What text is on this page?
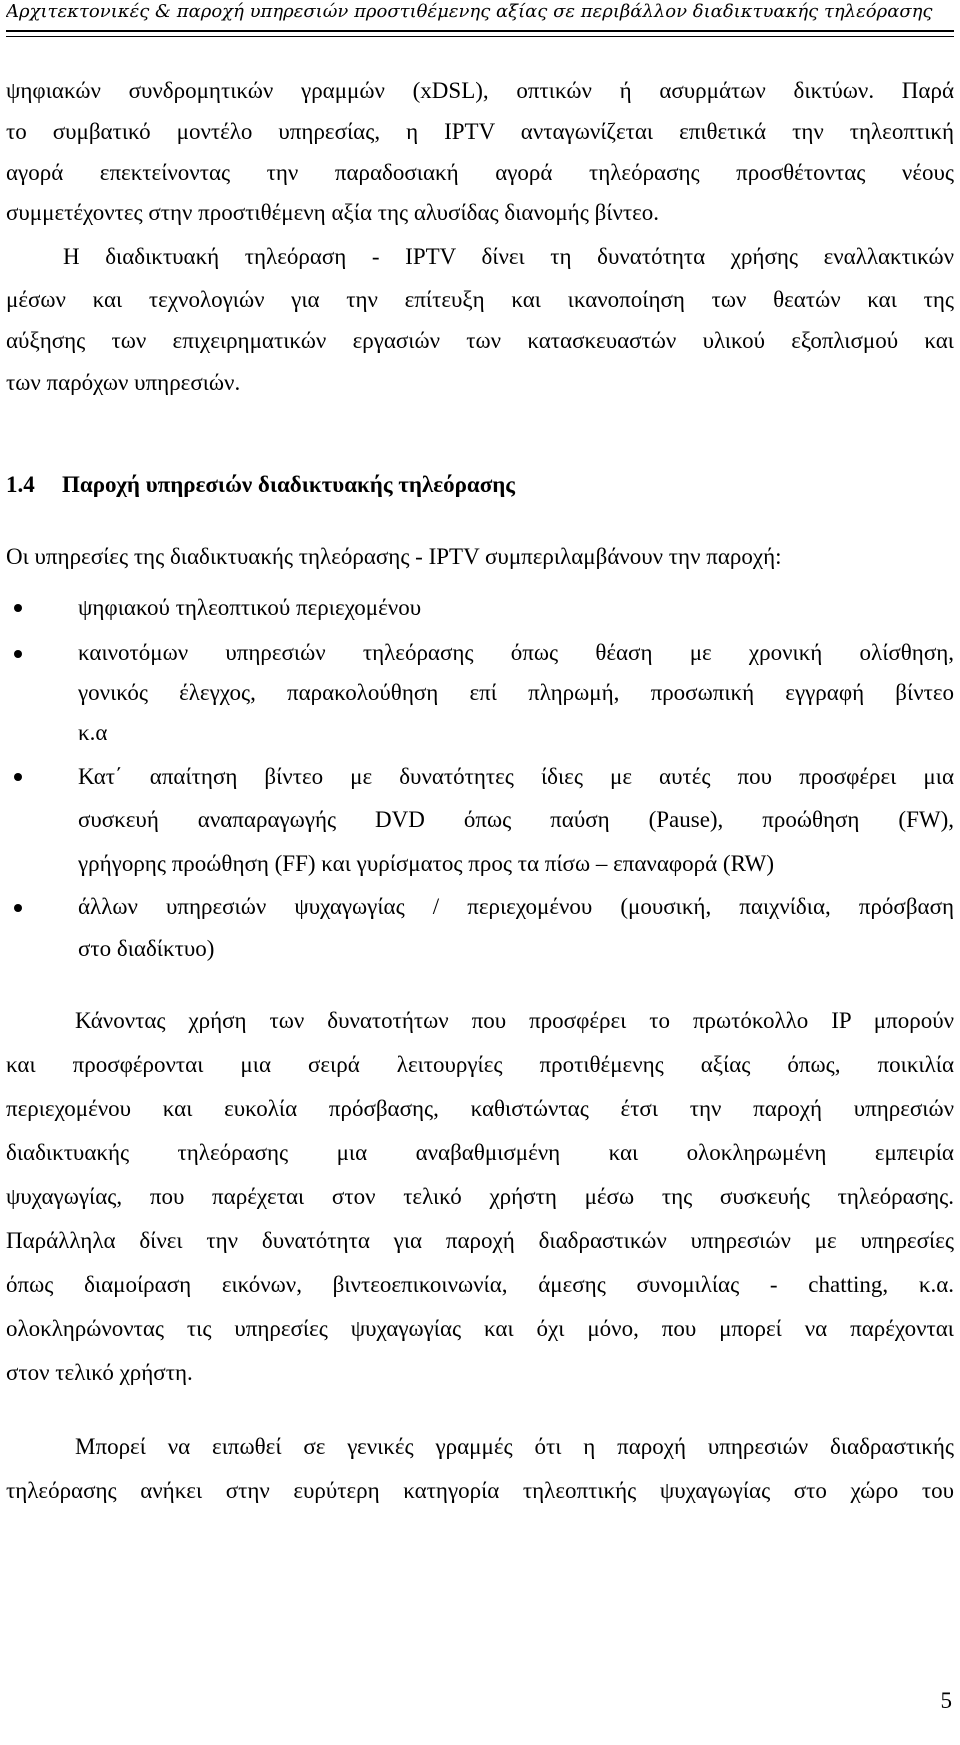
Αρχιτεκτονικές & παροχή υπηρεσιών προστιθέμενης αξίας σε περιβάλλον διαδικτυακής τηλεόρασης
ψηφιακών συνδρομητικών γραμμών (xDSL), οπτικών ή ασυρμάτων δικτύων. Παρά
το συμβατικό μοντέλο υπηρεσίας, η IPTV ανταγωνίζεται επιθετικά την τηλεοπτική
αγορά επεκτείνοντας την παραδοσιακή αγορά τηλεόρασης προσθέτοντας νέους
συμμετέχοντες στην προστιθέμενη αξία της αλυσίδας διανομής βίντεο.
Η διαδικτυακή τηλεόραση - IPTV δίνει τη δυνατότητα χρήσης εναλλακτικών
μέσων και τεχνολογιών για την επίτευξη και ικανοποίηση των θεατών και της
αύξησης των επιχειρηματικών εργασιών των κατασκευαστών υλικού εξοπλισμού και
των παρόχων υπηρεσιών.
1.4 Παροχή υπηρεσιών διαδικτυακής τηλεόρασης
Οι υπηρεσίες της διαδικτυακής τηλεόρασης - IPTV συμπεριλαμβάνουν την παροχή:
ψηφιακού τηλεοπτικού περιεχομένου
καινοτόμων υπηρεσιών τηλεόρασης όπως θέαση με χρονική ολίσθηση,
γονικός έλεγχος, παρακολούθηση επί πληρωμή, προσωπική εγγραφή βίντεο
κ.α
Κατ΄ απαίτηση βίντεο με δυνατότητες ίδιες με αυτές που προσφέρει μια
συσκευή αναπαραγωγής DVD όπως παύση (Pause), προώθηση (FW),
γρήγορης προώθηση (FF) και γυρίσματος προς τα πίσω – επαναφορά (RW)
άλλων υπηρεσιών ψυχαγωγίας / περιεχομένου (μουσική, παιχνίδια, πρόσβαση
στο διαδίκτυο)
Κάνοντας χρήση των δυνατοτήτων που προσφέρει το πρωτόκολλο IP μπορούν
και προσφέρονται μια σειρά λειτουργίες προτιθέμενης αξίας όπως, ποικιλία
περιεχομένου και ευκολία πρόσβασης, καθιστώντας έτσι την παροχή υπηρεσιών
διαδικτυακής τηλεόρασης μια αναβαθμισμένη και ολοκληρωμένη εμπειρία
ψυχαγωγίας, που παρέχεται στον τελικό χρήστη μέσω της συσκευής τηλεόρασης.
Παράλληλα δίνει την δυνατότητα για παροχή διαδραστικών υπηρεσιών με υπηρεσίες
όπως διαμοίραση εικόνων, βιντεοεπικοινωνία, άμεσης συνομιλίας - chatting, κ.α.
ολοκληρώνοντας τις υπηρεσίες ψυχαγωγίας και όχι μόνο, που μπορεί να παρέχονται
στον τελικό χρήστη.
Μπορεί να ειπωθεί σε γενικές γραμμές ότι η παροχή υπηρεσιών διαδραστικής
τηλεόρασης ανήκει στην ευρύτερη κατηγορία τηλεοπτικής ψυχαγωγίας στο χώρο του
5
